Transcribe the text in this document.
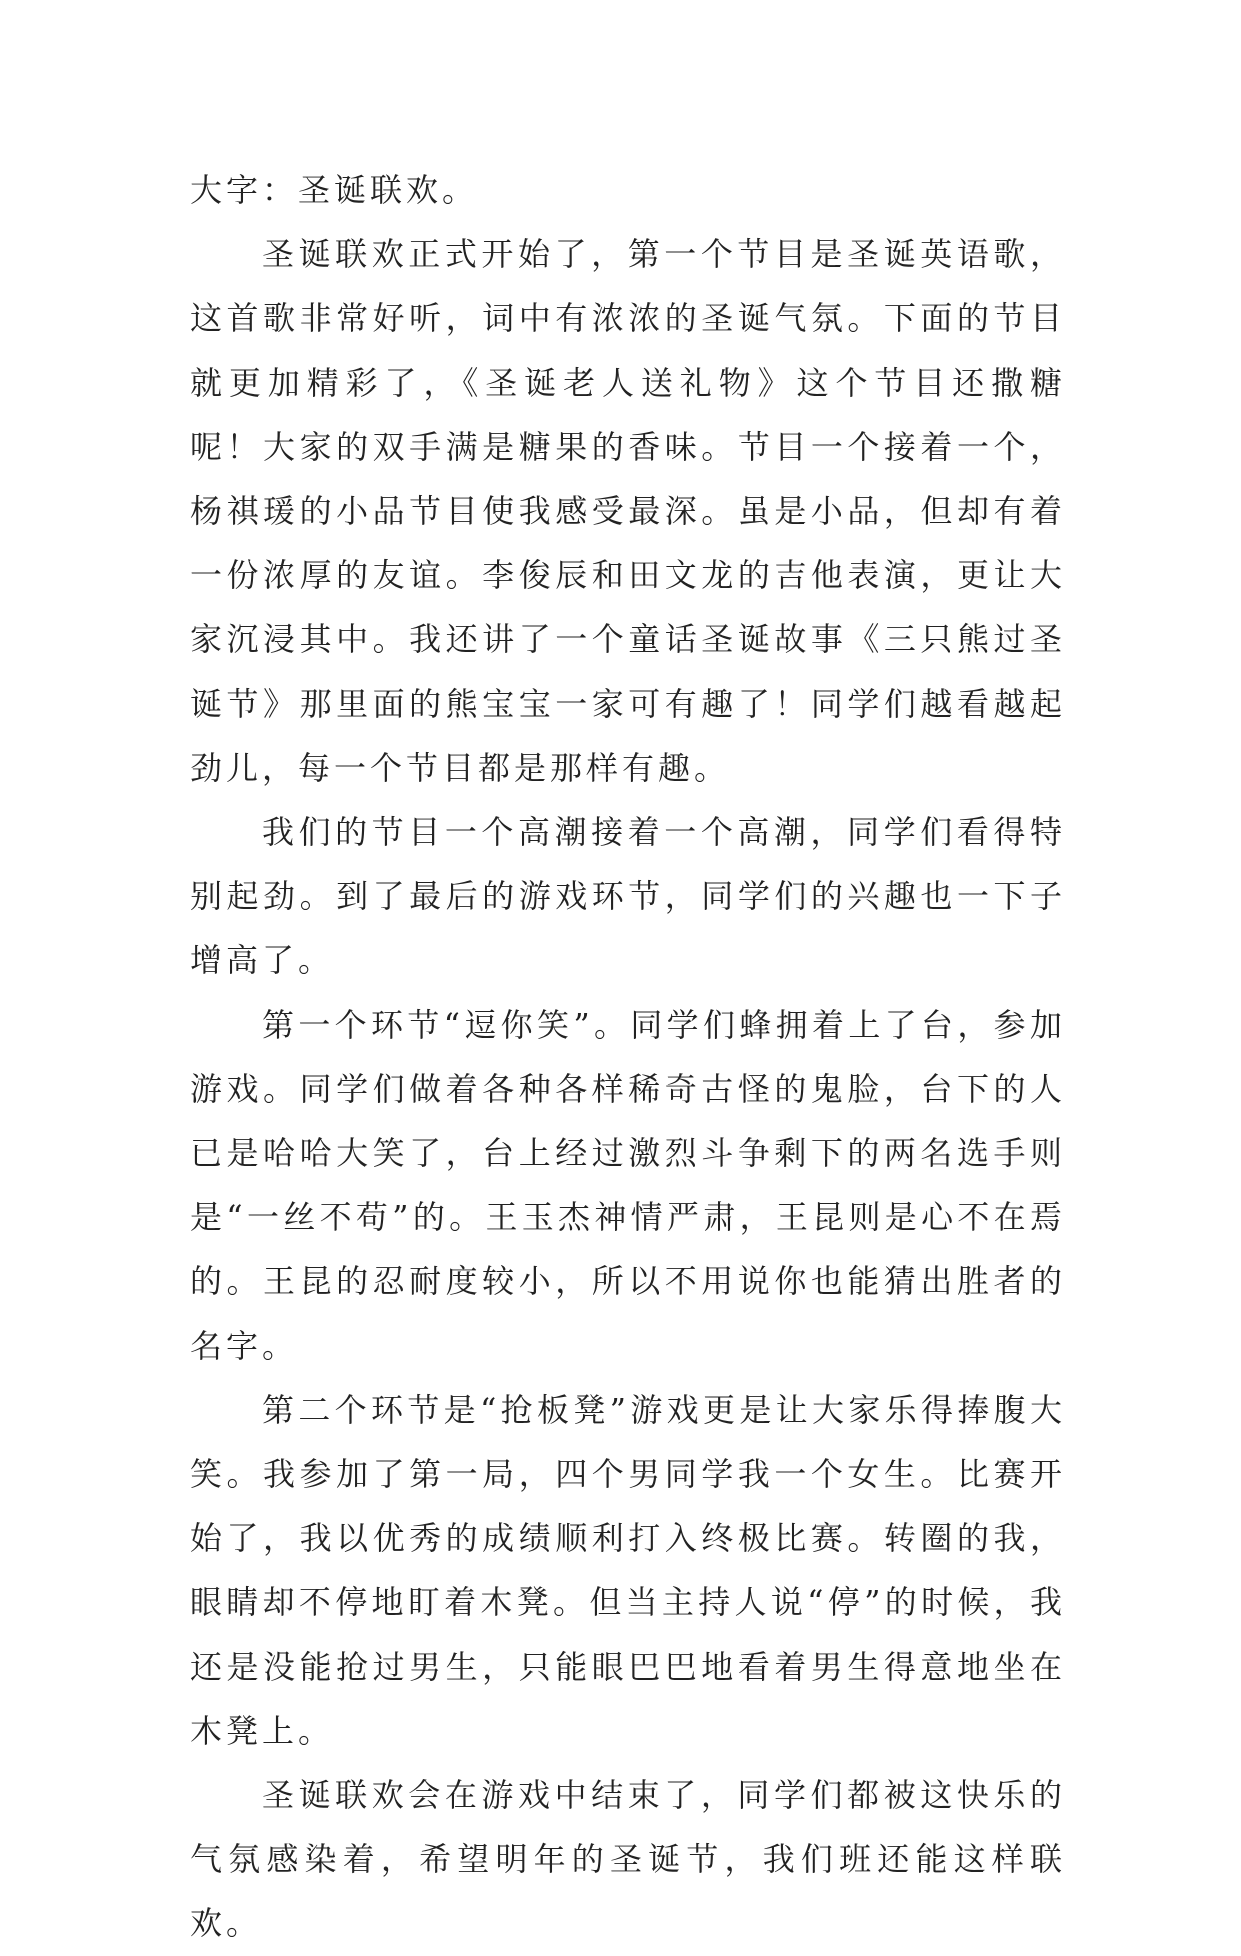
大字：圣诞联欢。

圣诞联欢正式开始了，第一个节目是圣诞英语歌，这首歌非常好听，词中有浓浓的圣诞气氛。下面的节目就更加精彩了，《圣诞老人送礼物》这个节目还撒糖呢！大家的双手满是糖果的香味。节目一个接着一个，杨祺瑗的小品节目使我感受最深。虽是小品，但却有着一份浓厚的友谊。李俊辰和田文龙的吉他表演，更让大家沉浸其中。我还讲了一个童话圣诞故事《三只熊过圣诞节》那里面的熊宝宝一家可有趣了！同学们越看越起劲儿，每一个节目都是那样有趣。

我们的节目一个高潮接着一个高潮，同学们看得特别起劲。到了最后的游戏环节，同学们的兴趣也一下子增高了。

第一个环节“逗你笑”。同学们蜂拥着上了台，参加游戏。同学们做着各种各样稀奇古怪的鬼脸，台下的人已是哈哈大笑了，台上经过激烈斗争剩下的两名选手则是“一丝不苟”的。王玉杰神情严肃，王昆则是心不在焉的。王昆的忍耐度较小，所以不用说你也能猜出胜者的名字。

第二个环节是“抢板凳”游戏更是让大家乐得捧腹大笑。我参加了第一局，四个男同学我一个女生。比赛开始了，我以优秀的成绩顺利打入终极比赛。转圈的我，眼睛却不停地盯着木凳。但当主持人说“停”的时候，我还是没能抢过男生，只能眼巴巴地看着男生得意地坐在木凳上。

圣诞联欢会在游戏中结束了，同学们都被这快乐的气氛感染着，希望明年的圣诞节，我们班还能这样联欢。
